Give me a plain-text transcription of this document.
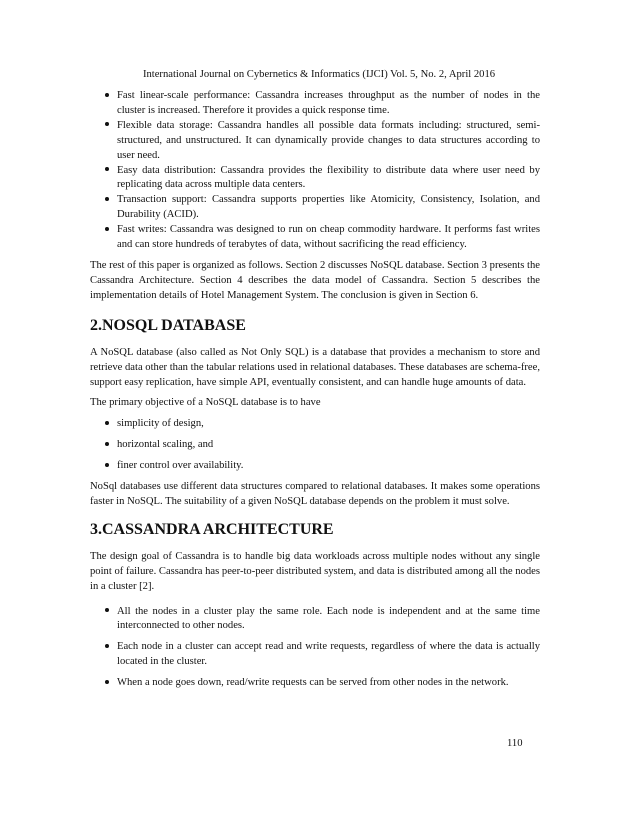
International Journal on Cybernetics & Informatics (IJCI) Vol. 5, No. 2, April 2016
Fast linear-scale performance: Cassandra increases throughput as the number of nodes in the cluster is increased. Therefore it provides a quick response time.
Flexible data storage: Cassandra handles all possible data formats including: structured, semi-structured, and unstructured. It can dynamically provide changes to data structures according to user need.
Easy data distribution: Cassandra provides the flexibility to distribute data where user need by replicating data across multiple data centers.
Transaction support: Cassandra supports properties like Atomicity, Consistency, Isolation, and Durability (ACID).
Fast writes: Cassandra was designed to run on cheap commodity hardware. It performs fast writes and can store hundreds of terabytes of data, without sacrificing the read efficiency.

The rest of this paper is organized as follows. Section 2 discusses NoSQL database. Section 3 presents the Cassandra Architecture. Section 4 describes the data model of Cassandra. Section 5 describes the implementation details of Hotel Management System. The conclusion is given in Section 6.

2.NOSQL DATABASE

A NoSQL database (also called as Not Only SQL) is a database that provides a mechanism to store and retrieve data other than the tabular relations used in relational databases. These databases are schema-free, support easy replication, have simple API, eventually consistent, and can handle huge amounts of data.

The primary objective of a NoSQL database is to have

simplicity of design,
horizontal scaling, and
finer control over availability.

NoSql databases use different data structures compared to relational databases. It makes some operations faster in NoSQL. The suitability of a given NoSQL database depends on the problem it must solve.

3.CASSANDRA ARCHITECTURE

The design goal of Cassandra is to handle big data workloads across multiple nodes without any single point of failure. Cassandra has peer-to-peer distributed system, and data is distributed among all the nodes in a cluster [2].

All the nodes in a cluster play the same role. Each node is independent and at the same time interconnected to other nodes.
Each node in a cluster can accept read and write requests, regardless of where the data is actually located in the cluster.
When a node goes down, read/write requests can be served from other nodes in the network.
110
